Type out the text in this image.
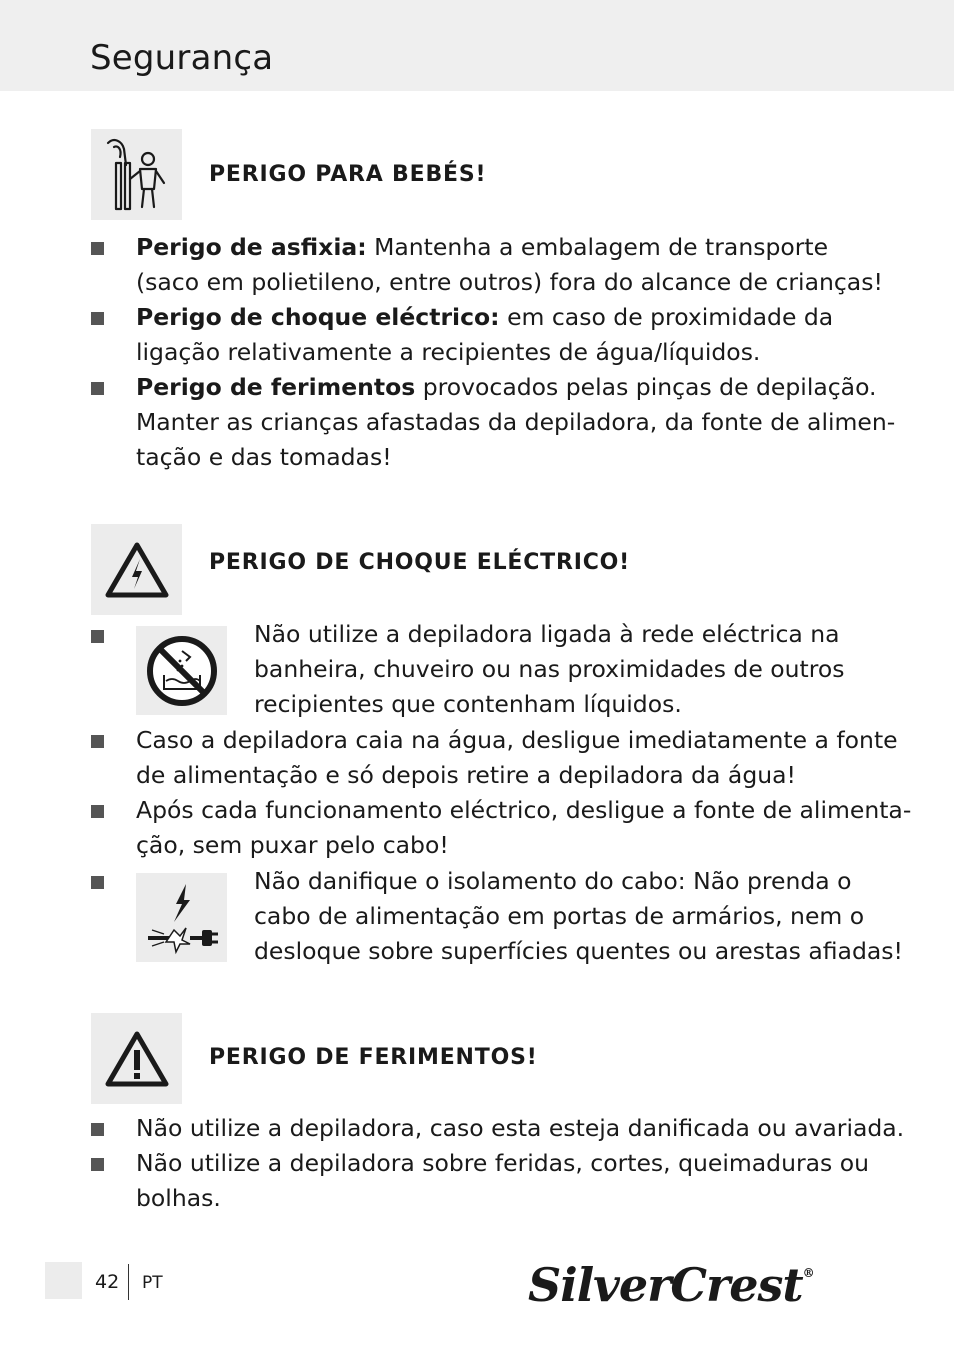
Segurança
PERIGO PARA BEBÉS!
Perigo de asfixia: Mantenha a embalagem de transporte
(saco em polietileno, entre outros) fora do alcance de crianças!
Perigo de choque eléctrico: em caso de proximidade da
ligação relativamente a recipientes de água/líquidos.
Perigo de ferimentos provocados pelas pinças de depilação.
Manter as crianças afastadas da depiladora, da fonte de alimen-
tação e das tomadas!
PERIGO DE CHOQUE ELÉCTRICO!
Não utilize a depiladora ligada à rede eléctrica na
banheira, chuveiro ou nas proximidades de outros
recipientes que contenham líquidos.
Caso a depiladora caia na água, desligue imediatamente a fonte
de alimentação e só depois retire a depiladora da água!
Após cada funcionamento eléctrico, desligue a fonte de alimenta-
ção, sem puxar pelo cabo!
Não danifique o isolamento do cabo: Não prenda o
cabo de alimentação em portas de armários, nem o
desloque sobre superfícies quentes ou arestas afiadas!
PERIGO DE FERIMENTOS!
Não utilize a depiladora, caso esta esteja danificada ou avariada.
Não utilize a depiladora sobre feridas, cortes, queimaduras ou
bolhas.
42 PT	SilverCrest®
